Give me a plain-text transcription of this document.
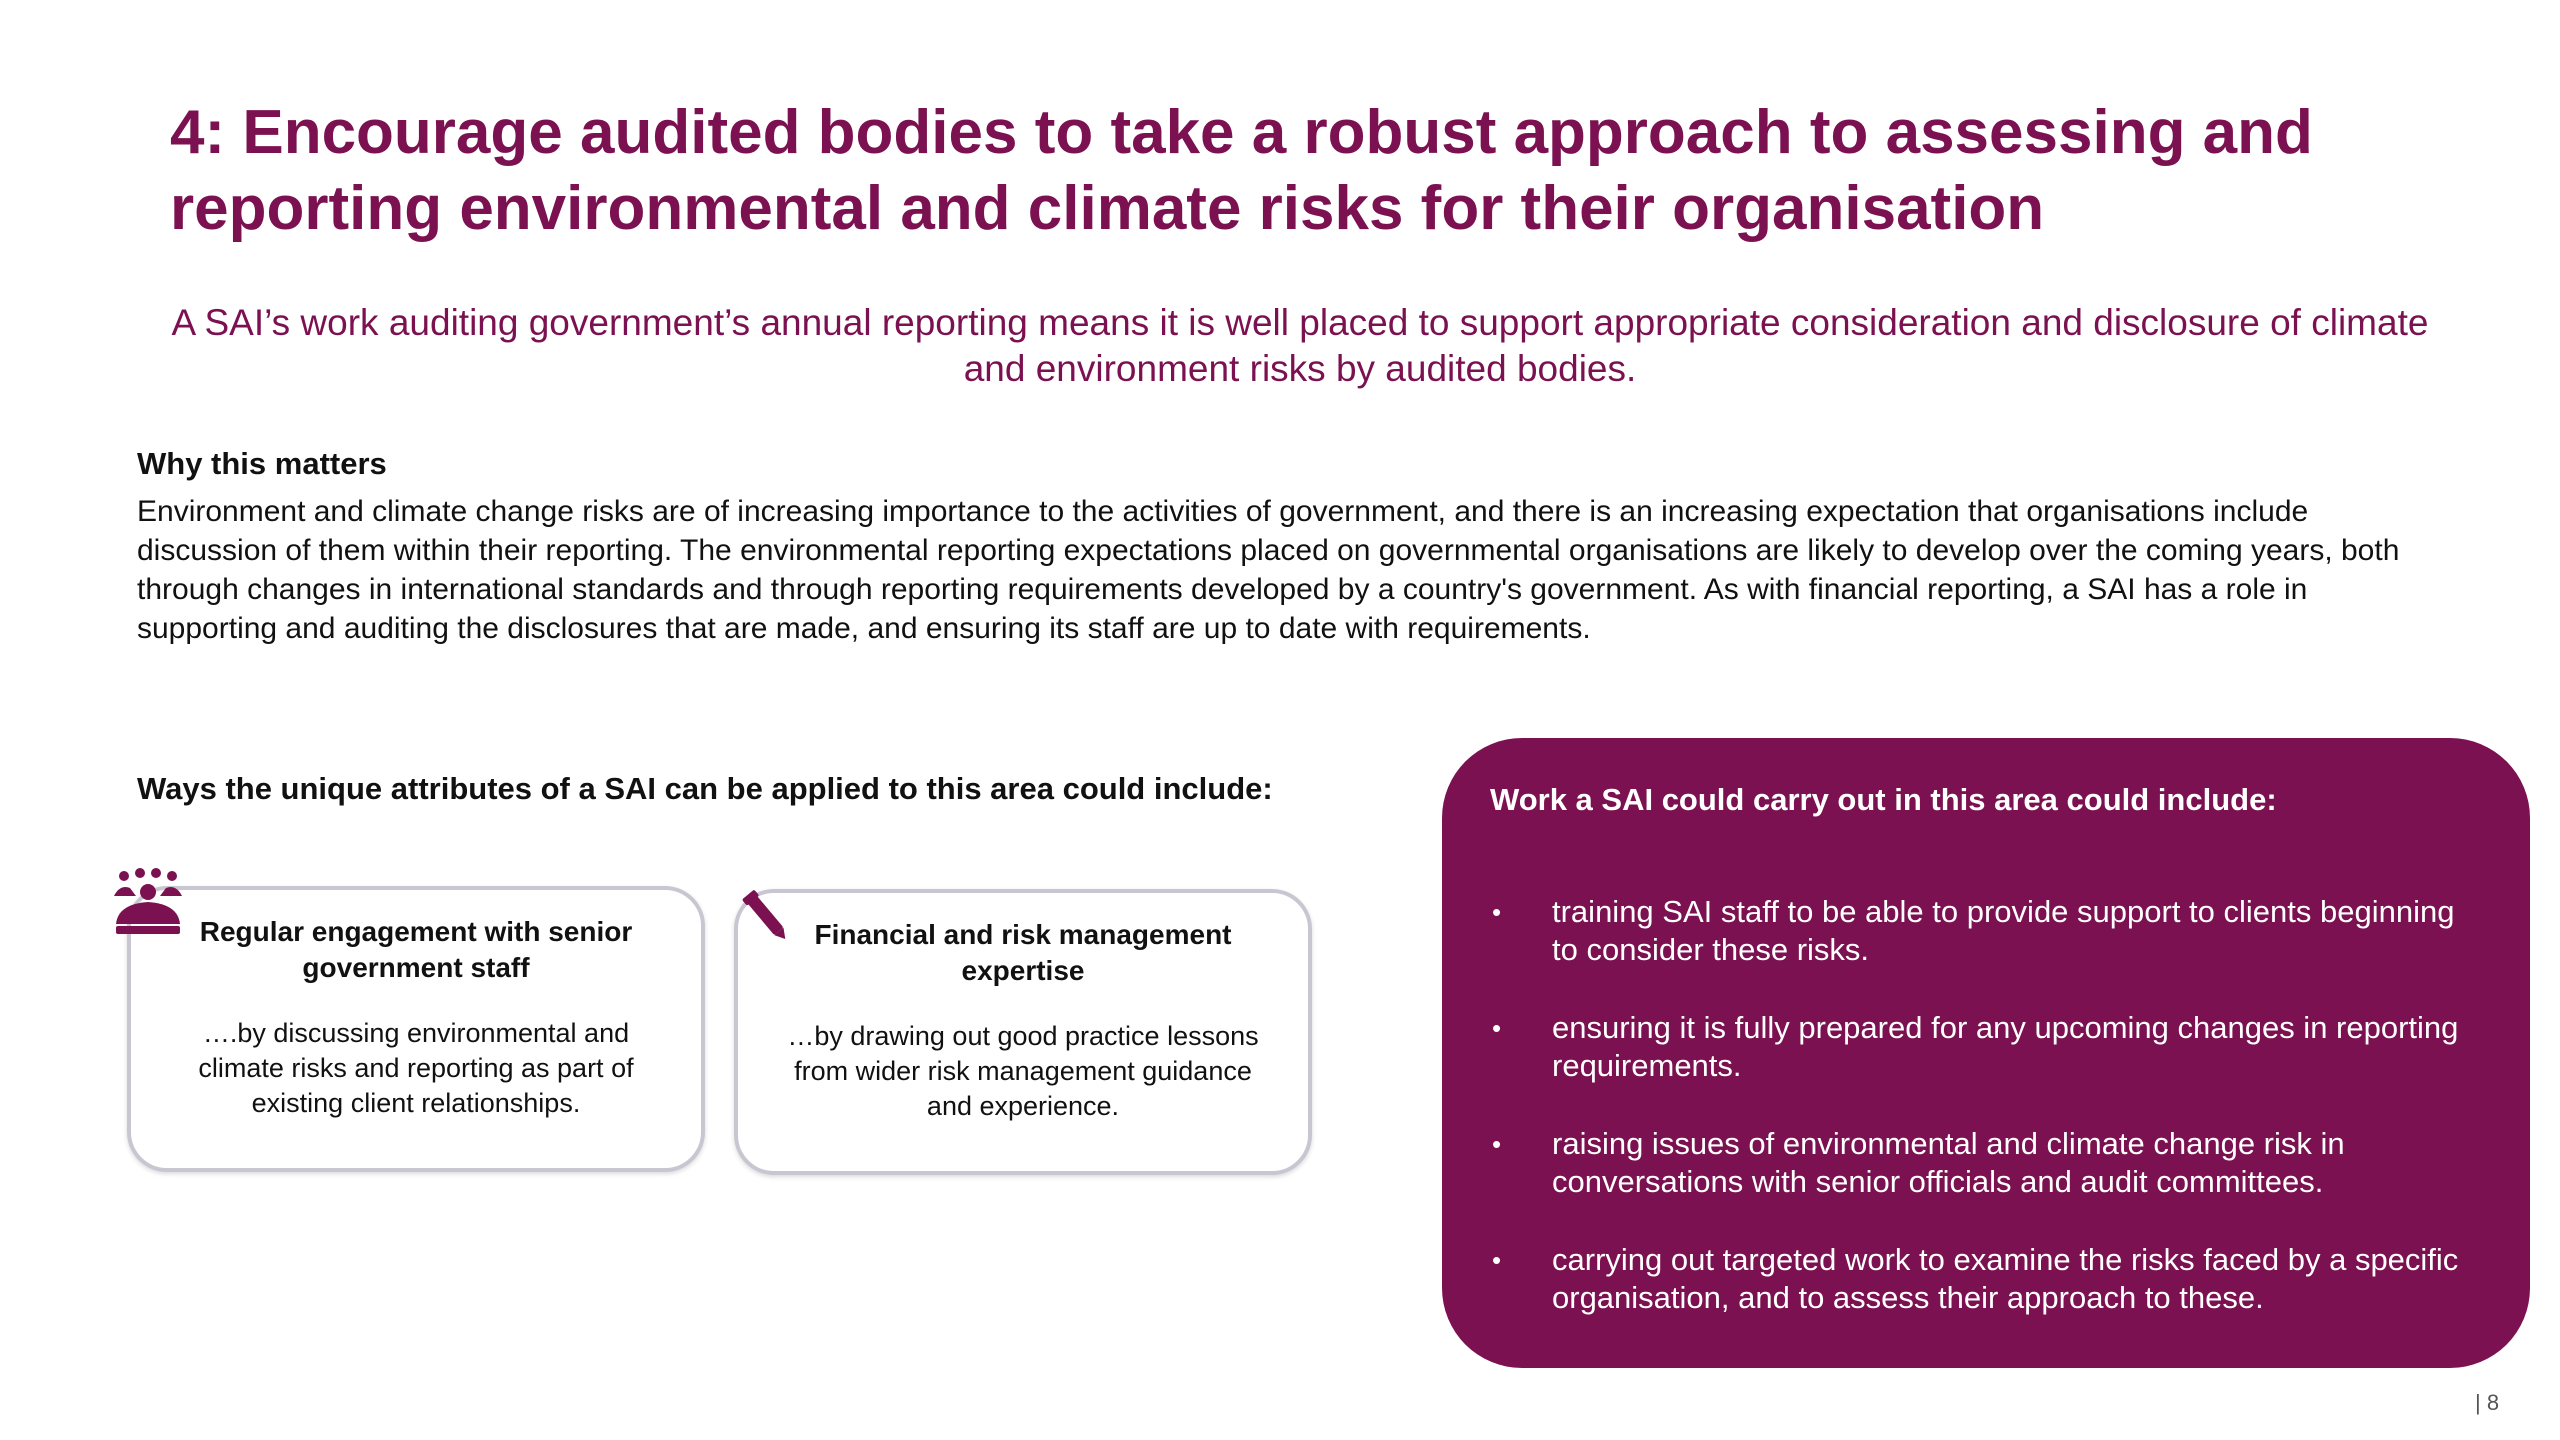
4: Encourage audited bodies to take a robust approach to assessing and reporting environmental and climate risks for their organisation
A SAI’s work auditing government’s annual reporting means it is well placed to support appropriate consideration and disclosure of climate and environment risks by audited bodies.
Why this matters
Environment and climate change risks are of increasing importance to the activities of government, and there is an increasing expectation that organisations include discussion of them within their reporting. The environmental reporting expectations placed on governmental organisations are likely to develop over the coming years, both through changes in international standards and through reporting requirements developed by a country's government. As with financial reporting, a SAI has a role in supporting and auditing the disclosures that are made, and ensuring its staff are up to date with requirements.
Ways the unique attributes of a SAI can be applied to this area could include:
Regular engagement with senior government staff
….by discussing environmental and climate risks and reporting as part of existing client relationships.
Financial and risk management expertise
…by drawing out good practice lessons from wider risk management guidance and experience.
Work a SAI could carry out in this area could include:
• training SAI staff to be able to provide support to clients beginning to consider these risks.
• ensuring it is fully prepared for any upcoming changes in reporting requirements.
• raising issues of environmental and climate change risk in conversations with senior officials and audit committees.
• carrying out targeted work to examine the risks faced by a specific organisation, and to assess their approach to these.
| 8
